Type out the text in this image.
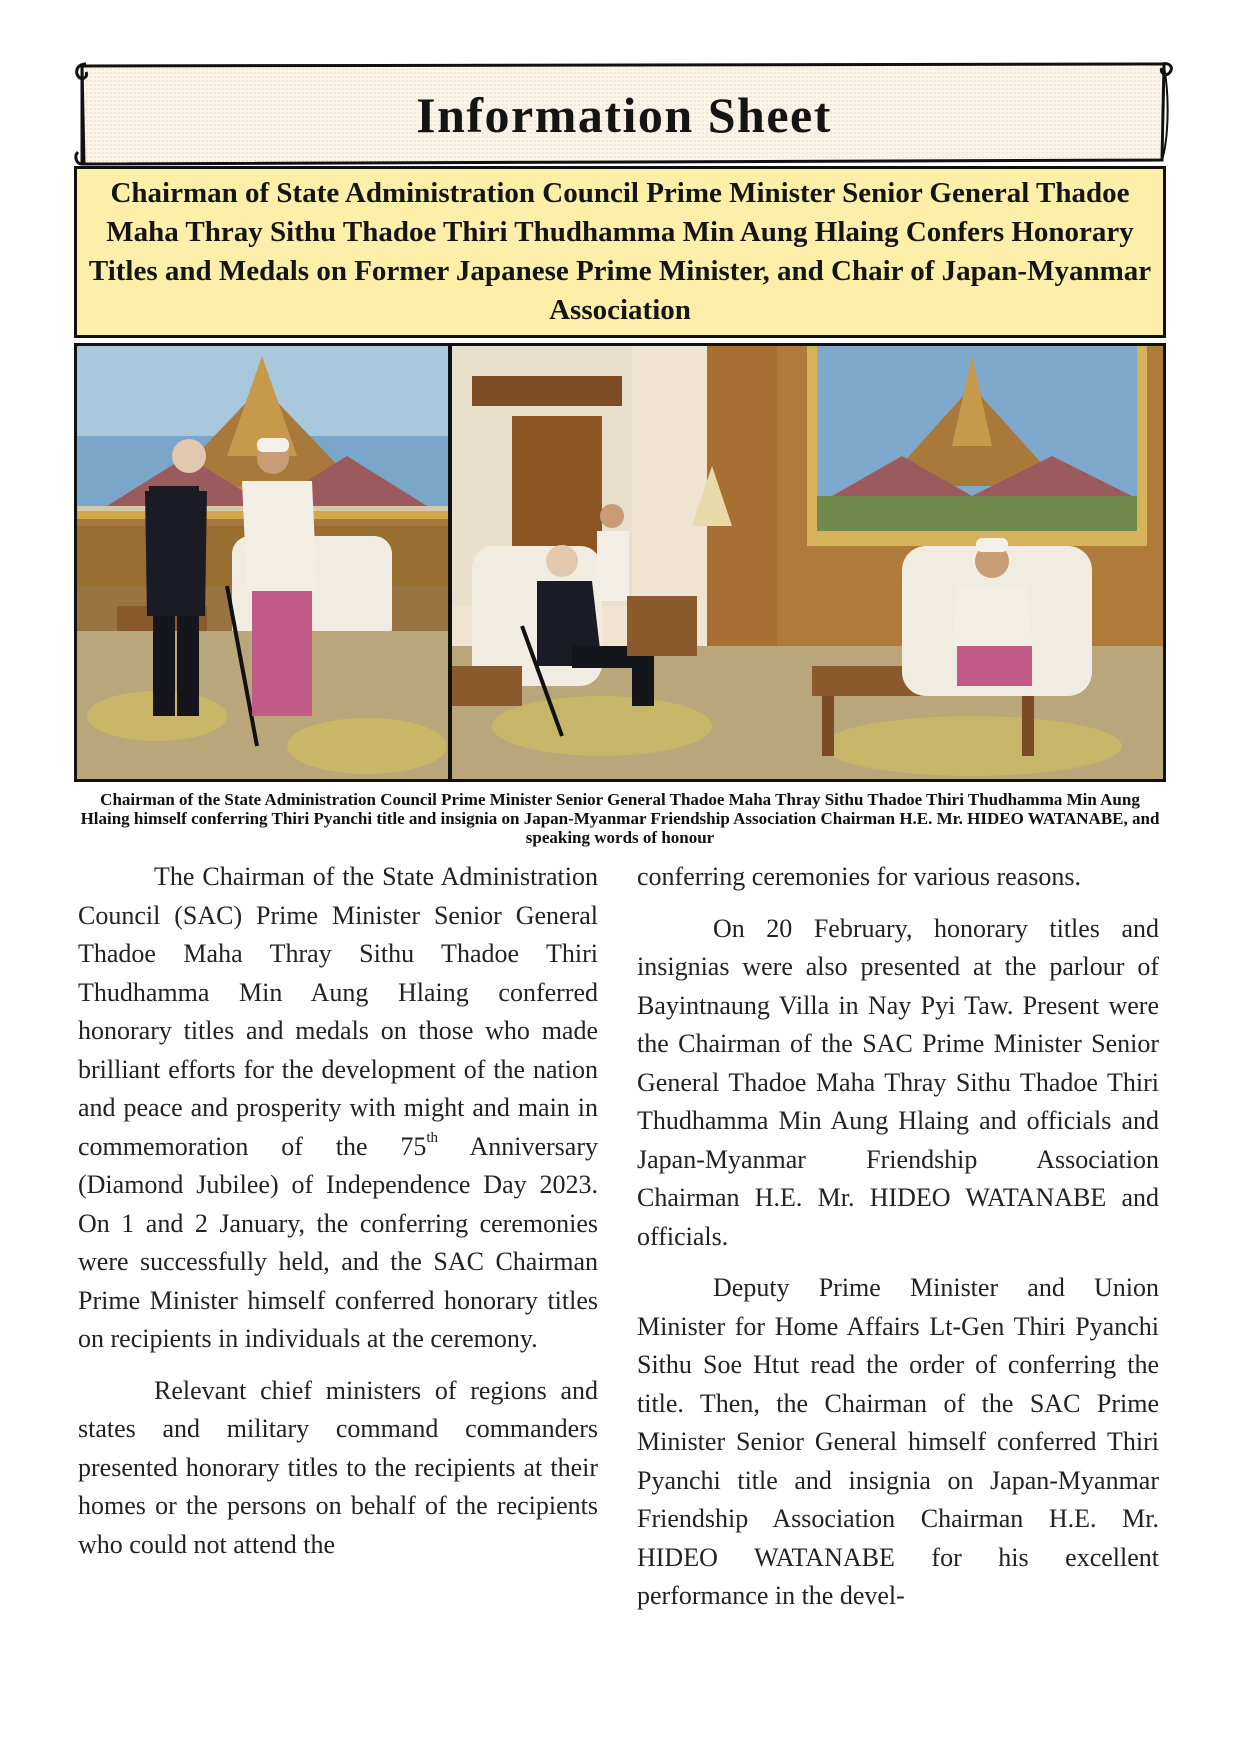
Information Sheet

Chairman of State Administration Council Prime Minister Senior General Thadoe Maha Thray Sithu Thadoe Thiri Thudhamma Min Aung Hlaing Confers Honorary Titles and Medals on Former Japanese Prime Minister, and Chair of Japan-Myanmar Association

Chairman of the State Administration Council Prime Minister Senior General Thadoe Maha Thray Sithu Thadoe Thiri Thudhamma Min Aung Hlaing himself conferring Thiri Pyanchi title and insignia on Japan-Myanmar Friendship Association Chairman H.E. Mr. HIDEO WATANABE, and speaking words of honour

The Chairman of the State Administration Council (SAC) Prime Minister Senior General Thadoe Maha Thray Sithu Thadoe Thiri Thudhamma Min Aung Hlaing conferred honorary titles and medals on those who made brilliant efforts for the development of the nation and peace and prosperity with might and main in commemoration of the 75th Anniversary (Diamond Jubilee) of Independence Day 2023. On 1 and 2 January, the conferring ceremonies were successfully held, and the SAC Chairman Prime Minister himself conferred honorary titles on recipients in individuals at the ceremony.

Relevant chief ministers of regions and states and military command commanders presented honorary titles to the recipients at their homes or the persons on behalf of the recipients who could not attend the

conferring ceremonies for various reasons.

On 20 February, honorary titles and insignias were also presented at the parlour of Bayintnaung Villa in Nay Pyi Taw. Present were the Chairman of the SAC Prime Minister Senior General Thadoe Maha Thray Sithu Thadoe Thiri Thudhamma Min Aung Hlaing and officials and Japan-Myanmar Friendship Association Chairman H.E. Mr. HIDEO WATANABE and officials.

Deputy Prime Minister and Union Minister for Home Affairs Lt-Gen Thiri Pyanchi Sithu Soe Htut read the order of conferring the title. Then, the Chairman of the SAC Prime Minister Senior General himself conferred Thiri Pyanchi title and insignia on Japan-Myanmar Friendship Association Chairman H.E. Mr. HIDEO WATANABE for his excellent performance in the devel-
